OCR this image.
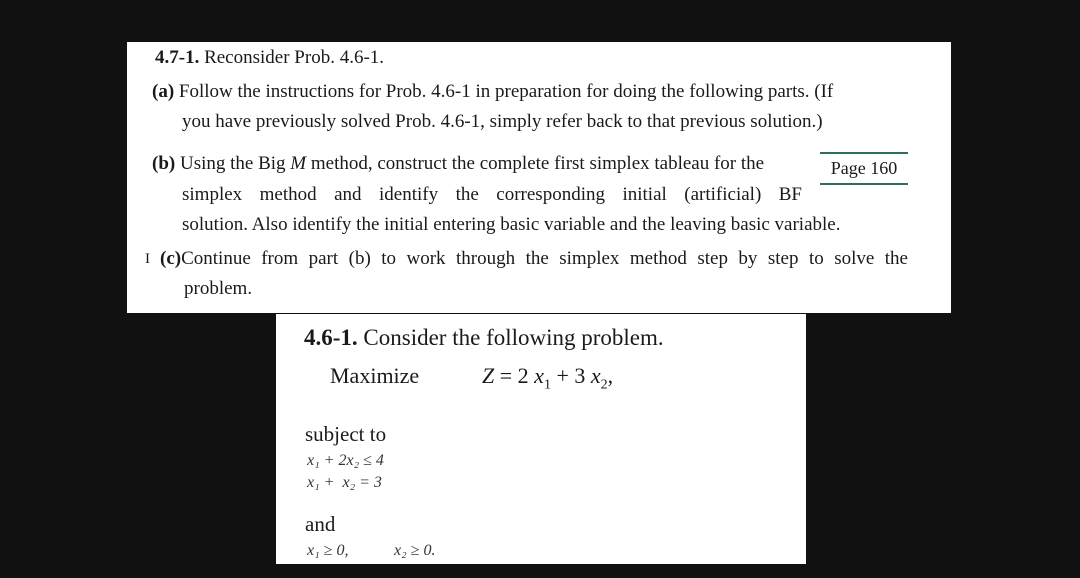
4.7-1. Reconsider Prob. 4.6-1.
(a) Follow the instructions for Prob. 4.6-1 in preparation for doing the following parts. (If
you have previously solved Prob. 4.6-1, simply refer back to that previous solution.)
(b) Using the Big M method, construct the complete first simplex tableau for the
simplex method and identify the corresponding initial (artificial) BF
solution. Also identify the initial entering basic variable and the leaving basic variable.
Page 160
I (c)Continue from part (b) to work through the simplex method step by step to solve the
problem.
4.6-1. Consider the following problem.
Maximize	Z = 2 $x_1 + 3$ $x_2$,
subject to
x₁ + 2x₂ ≤ 4
x₁ +  x₂ = 3
and
x₁ ≥ 0,	x₂ ≥ 0.
